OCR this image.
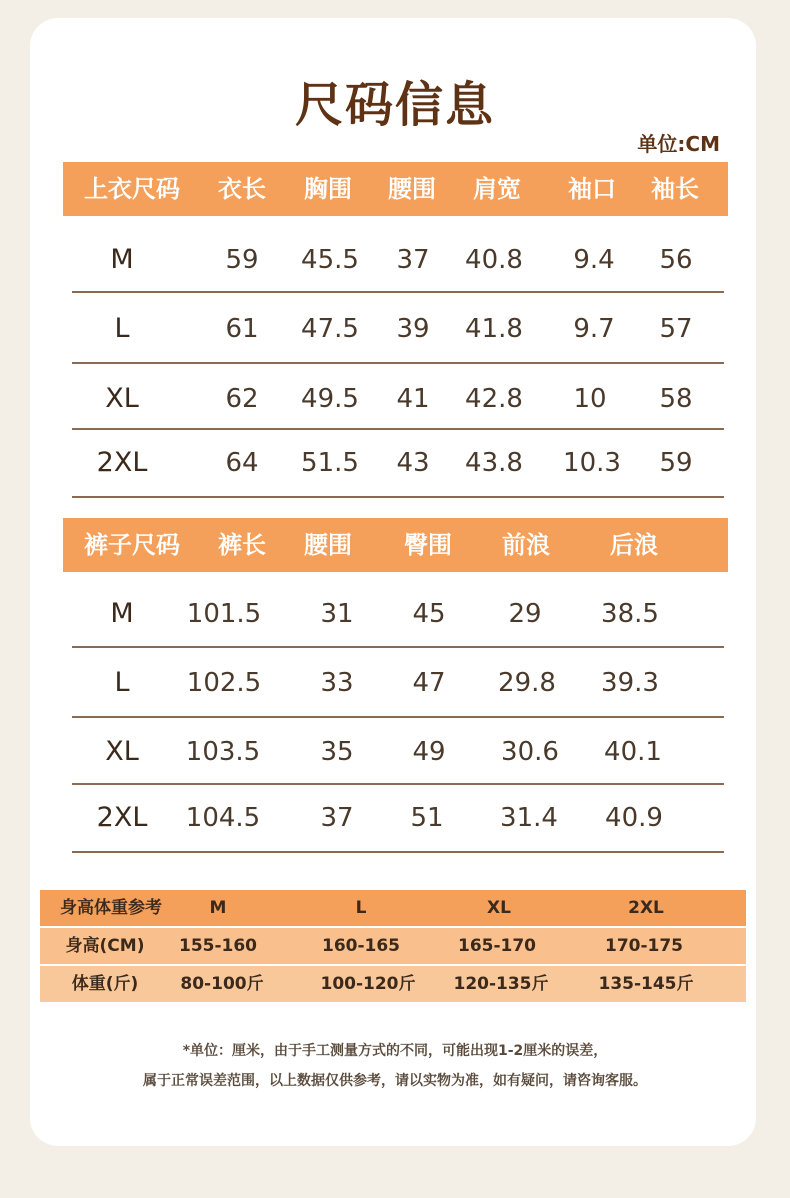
尺码信息
单位:CM
上衣尺码 衣长 胸围 腰围 肩宽 袖口 袖长
M	59 45.5 37 40.8 9.4 56
L	61 47.5 39 41.8 9.7 57
XL	62 49.5 41 42.8 10 58
2XL	64 51.5 43 43.8 10.3 59
裤子尺码 裤长 腰围 臀围 前浪	后浪
M 101.5 31 45 29 38.5
L 102.5 33 47 29.8 39.3
XL 103.5 35 49 30.6 40.1
2XL 104.5 37 51 31.4 40.9
身高体重参考	M	L	XL	2XL
身高(CM) 155-160	160-165	165-170	170-175
体重(斤) 80-100斤	100-120斤 120-135斤	135-145斤
*单位：厘米，由于手工测量方式的不同，可能出现1-2厘米的误差，
属于正常误差范围，以上数据仅供参考，请以实物为准，如有疑问，请咨询客服。
